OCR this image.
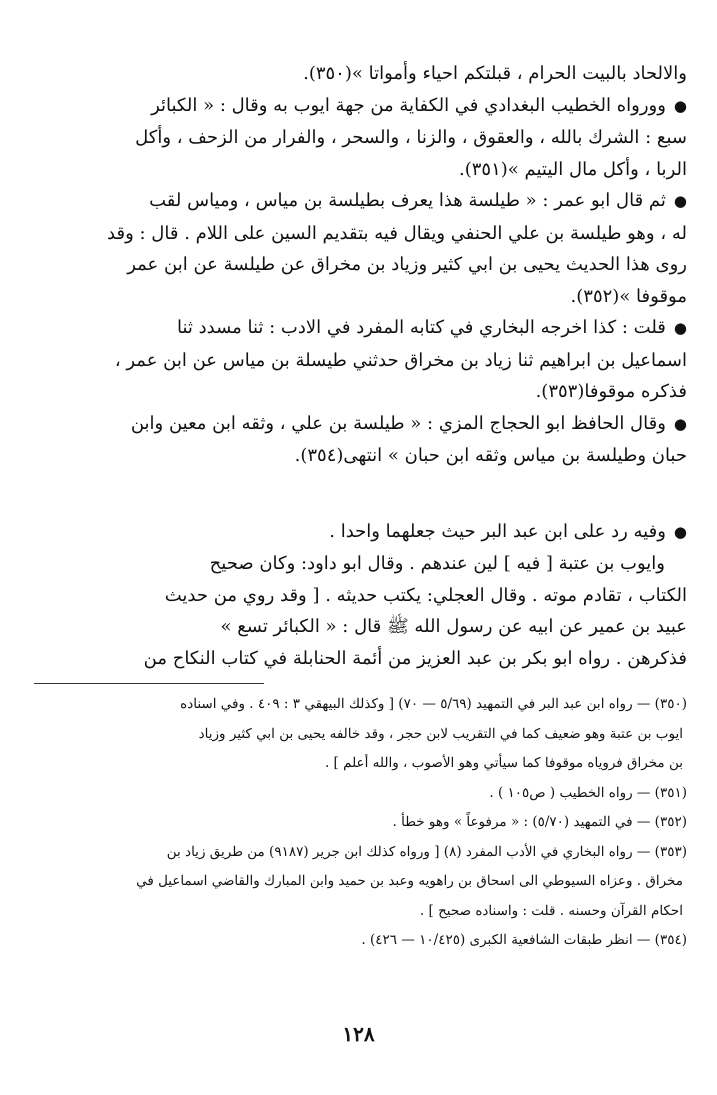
والالحاد بالبيت الحرام ، قبلتكم احياء وأمواتا »(٣٥٠).

●وورواه الخطيب البغدادي في الكفاية من جهة ايوب به وقال : « الكبائر

سبع : الشرك بالله ، والعقوق ، والزنا ، والسحر ، والفرار من الزحف ، وأكل

الربا ، وأكل مال اليتيم »(٣٥١).

●ثم قال ابو عمر : « طيلسة هذا يعرف بطيلسة بن مياس ، ومياس لقب

له ، وهو طيلسة بن علي الحنفي ويقال فيه بتقديم السين على اللام . قال : وقد

روى هذا الحديث يحيى بن ابي كثير وزياد بن مخراق عن طيلسة عن ابن عمر

موقوفا »(٣٥٢).

●قلت : كذا اخرجه البخاري في كتابه المفرد في الادب : ثنا مسدد ثنا

اسماعيل بن ابراهيم ثنا زياد بن مخراق حدثني طيسلة بن مياس عن ابن عمر ،

فذكره موقوفا(٣٥٣).

●وقال الحافظ ابو الحجاج المزي : « طيلسة بن علي ، وثقه ابن معين وابن

حبان وطيلسة بن مياس وثقه ابن حبان » انتهى(٣٥٤).

●وفيه رد على ابن عبد البر حيث جعلهما واحدا .

وايوب بن عتبة [ فيه ] لين عندهم . وقال ابو داود: وكان صحيح

الكتاب ، تقادم موته . وقال العجلي: يكتب حديثه . [ وقد روي من حديث

عبيد بن عمير عن ابيه عن رسول الله ﷺ قال : « الكبائر تسع »

فذكرهن . رواه ابو بكر بن عبد العزيز من أئمة الحنابلة في كتاب النكاح من

(٣٥٠) — رواه ابن عبد البر في التمهيد (٥/٦٩ — ٧٠) [ وكذلك البيهقي ٣ : ٤٠٩ . وفي اسناده

ايوب بن عتبة وهو ضعيف كما في التقريب لابن حجر ، وقد خالفه يحيى بن ابي كثير وزياد

بن مخراق فروياه موقوفا كما سيأتي وهو الأصوب ، والله أعلم ] .

(٣٥١) — رواه الخطيب ( ص١٠٥ ) .

(٣٥٢) — في التمهيد (٥/٧٠) : « مرفوعاً » وهو خطأ .

(٣٥٣) — رواه البخاري في الأدب المفرد (٨) [ ورواه كذلك ابن جرير (٩١٨٧) من طريق زياد بن

مخراق . وعزاه السيوطي الى اسحاق بن راهويه وعبد بن حميد وابن المبارك والقاضي اسماعيل في

احكام القرآن وحسنه . قلت : واسناده صحيح ] .

(٣٥٤) — انظر طبقات الشافعية الكبرى (١٠/٤٢٥ — ٤٢٦) .

١٢٨
